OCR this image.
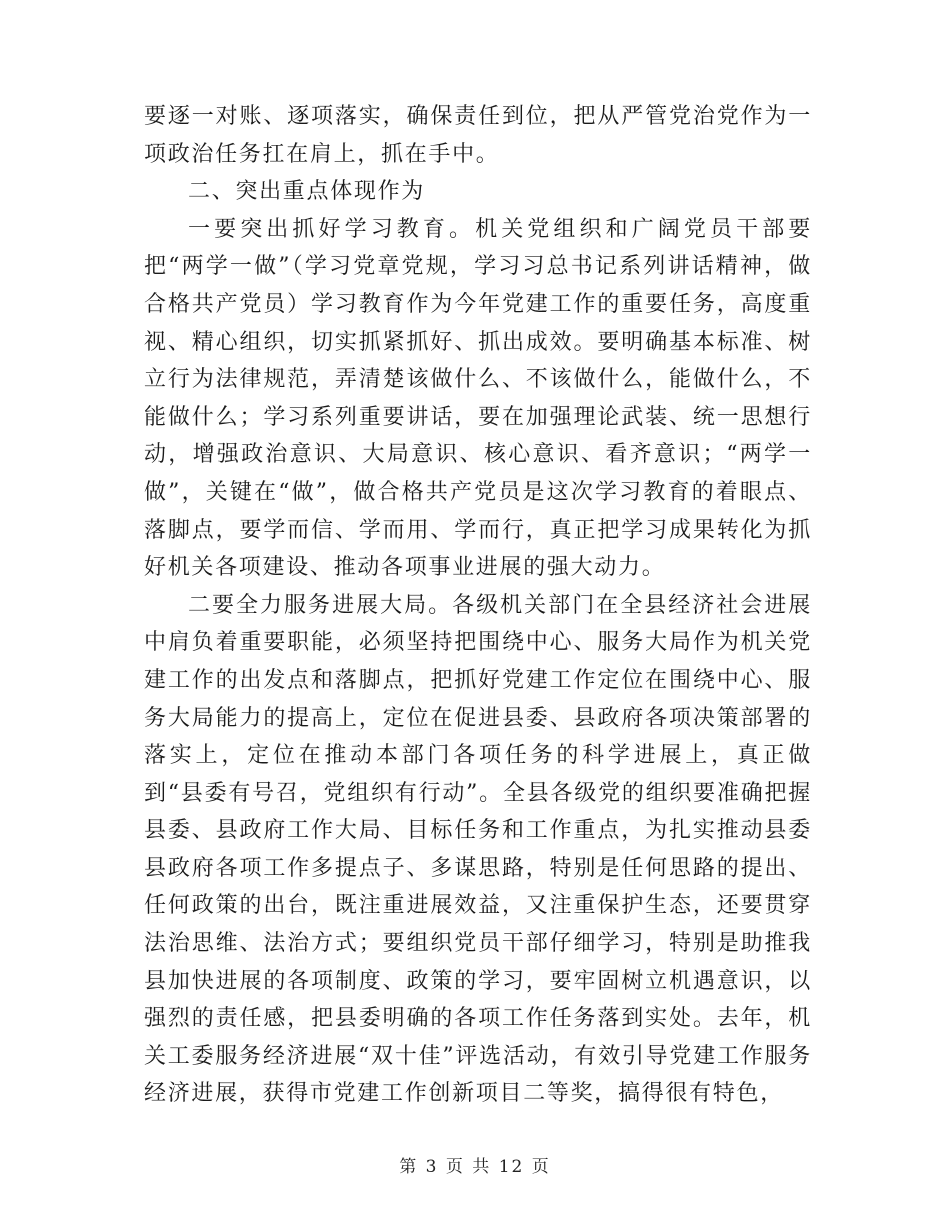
要逐一对账、逐项落实，确保责任到位，把从严管党治党作为一项政治任务扛在肩上，抓在手中。

二、突出重点体现作为

一要突出抓好学习教育。机关党组织和广阔党员干部要把“两学一做”（学习党章党规，学习习总书记系列讲话精神，做合格共产党员）学习教育作为今年党建工作的重要任务，高度重视、精心组织，切实抓紧抓好、抓出成效。要明确基本标准、树立行为法律规范，弄清楚该做什么、不该做什么，能做什么，不能做什么；学习系列重要讲话，要在加强理论武装、统一思想行动，增强政治意识、大局意识、核心意识、看齐意识；“两学一做”，关键在“做”，做合格共产党员是这次学习教育的着眼点、落脚点，要学而信、学而用、学而行，真正把学习成果转化为抓好机关各项建设、推动各项事业进展的强大动力。

二要全力服务进展大局。各级机关部门在全县经济社会进展中肩负着重要职能，必须坚持把围绕中心、服务大局作为机关党建工作的出发点和落脚点，把抓好党建工作定位在围绕中心、服务大局能力的提高上，定位在促进县委、县政府各项决策部署的落实上，定位在推动本部门各项任务的科学进展上，真正做到“县委有号召，党组织有行动”。全县各级党的组织要准确把握县委、县政府工作大局、目标任务和工作重点，为扎实推动县委县政府各项工作多提点子、多谋思路，特别是任何思路的提出、任何政策的出台，既注重进展效益，又注重保护生态，还要贯穿法治思维、法治方式；要组织党员干部仔细学习，特别是助推我县加快进展的各项制度、政策的学习，要牢固树立机遇意识，以强烈的责任感，把县委明确的各项工作任务落到实处。去年，机关工委服务经济进展“双十佳”评选活动，有效引导党建工作服务经济进展，获得市党建工作创新项目二等奖，搞得很有特色，

第 3 页 共 12 页
